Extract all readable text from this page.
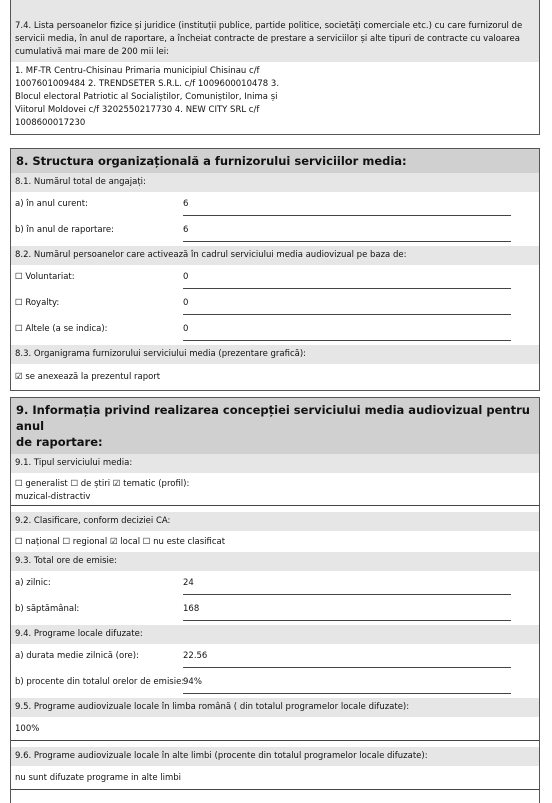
7.4. Lista persoanelor fizice și juridice (instituții publice, partide politice, societăți comerciale etc.) cu care furnizorul de servicii media, în anul de raportare, a încheiat contracte de prestare a serviciilor și alte tipuri de contracte cu valoarea cumulativă mai mare de 200 mii lei:
1. MF-TR Centru-Chisinau Primaria municipiul Chisinau c/f
1007601009484 2. TRENDSETER S.R.L. c/f 1009600010478 3.
Blocul electoral Patriotic al Socialiștilor, Comuniștilor, Inima și
Viitorul Moldovei c/f 3202550217730 4. NEW CITY SRL c/f
1008600017230
8. Structura organizațională a furnizorului serviciilor media:
8.1. Numărul total de angajați:
a) în anul curent:	6
b) în anul de raportare:	6
8.2. Numărul persoanelor care activează în cadrul serviciului media audiovizual pe baza de:
☐ Voluntariat:	0
☐ Royalty:	0
☐ Altele (a se indica):	0
8.3. Organigrama furnizorului serviciului media (prezentare grafică):
☑ se anexează la prezentul raport
9. Informația privind realizarea concepției serviciului media audiovizual pentru anul
de raportare:
9.1. Tipul serviciului media:
☐ generalist ☐ de știri ☑ tematic (profil):
muzical-distractiv
9.2. Clasificare, conform deciziei CA:
☐ național ☐ regional ☑ local ☐ nu este clasificat
9.3. Total ore de emisie:
a) zilnic:	24
b) săptămânal:	168
9.4. Programe locale difuzate:
a) durata medie zilnică (ore):	22.56
b) procente din totalul orelor de emisie:
94%
9.5. Programe audiovizuale locale în limba română ( din totalul programelor locale difuzate):
100%
9.6. Programe audiovizuale locale în alte limbi (procente din totalul programelor locale difuzate):
nu sunt difuzate programe in alte limbi
